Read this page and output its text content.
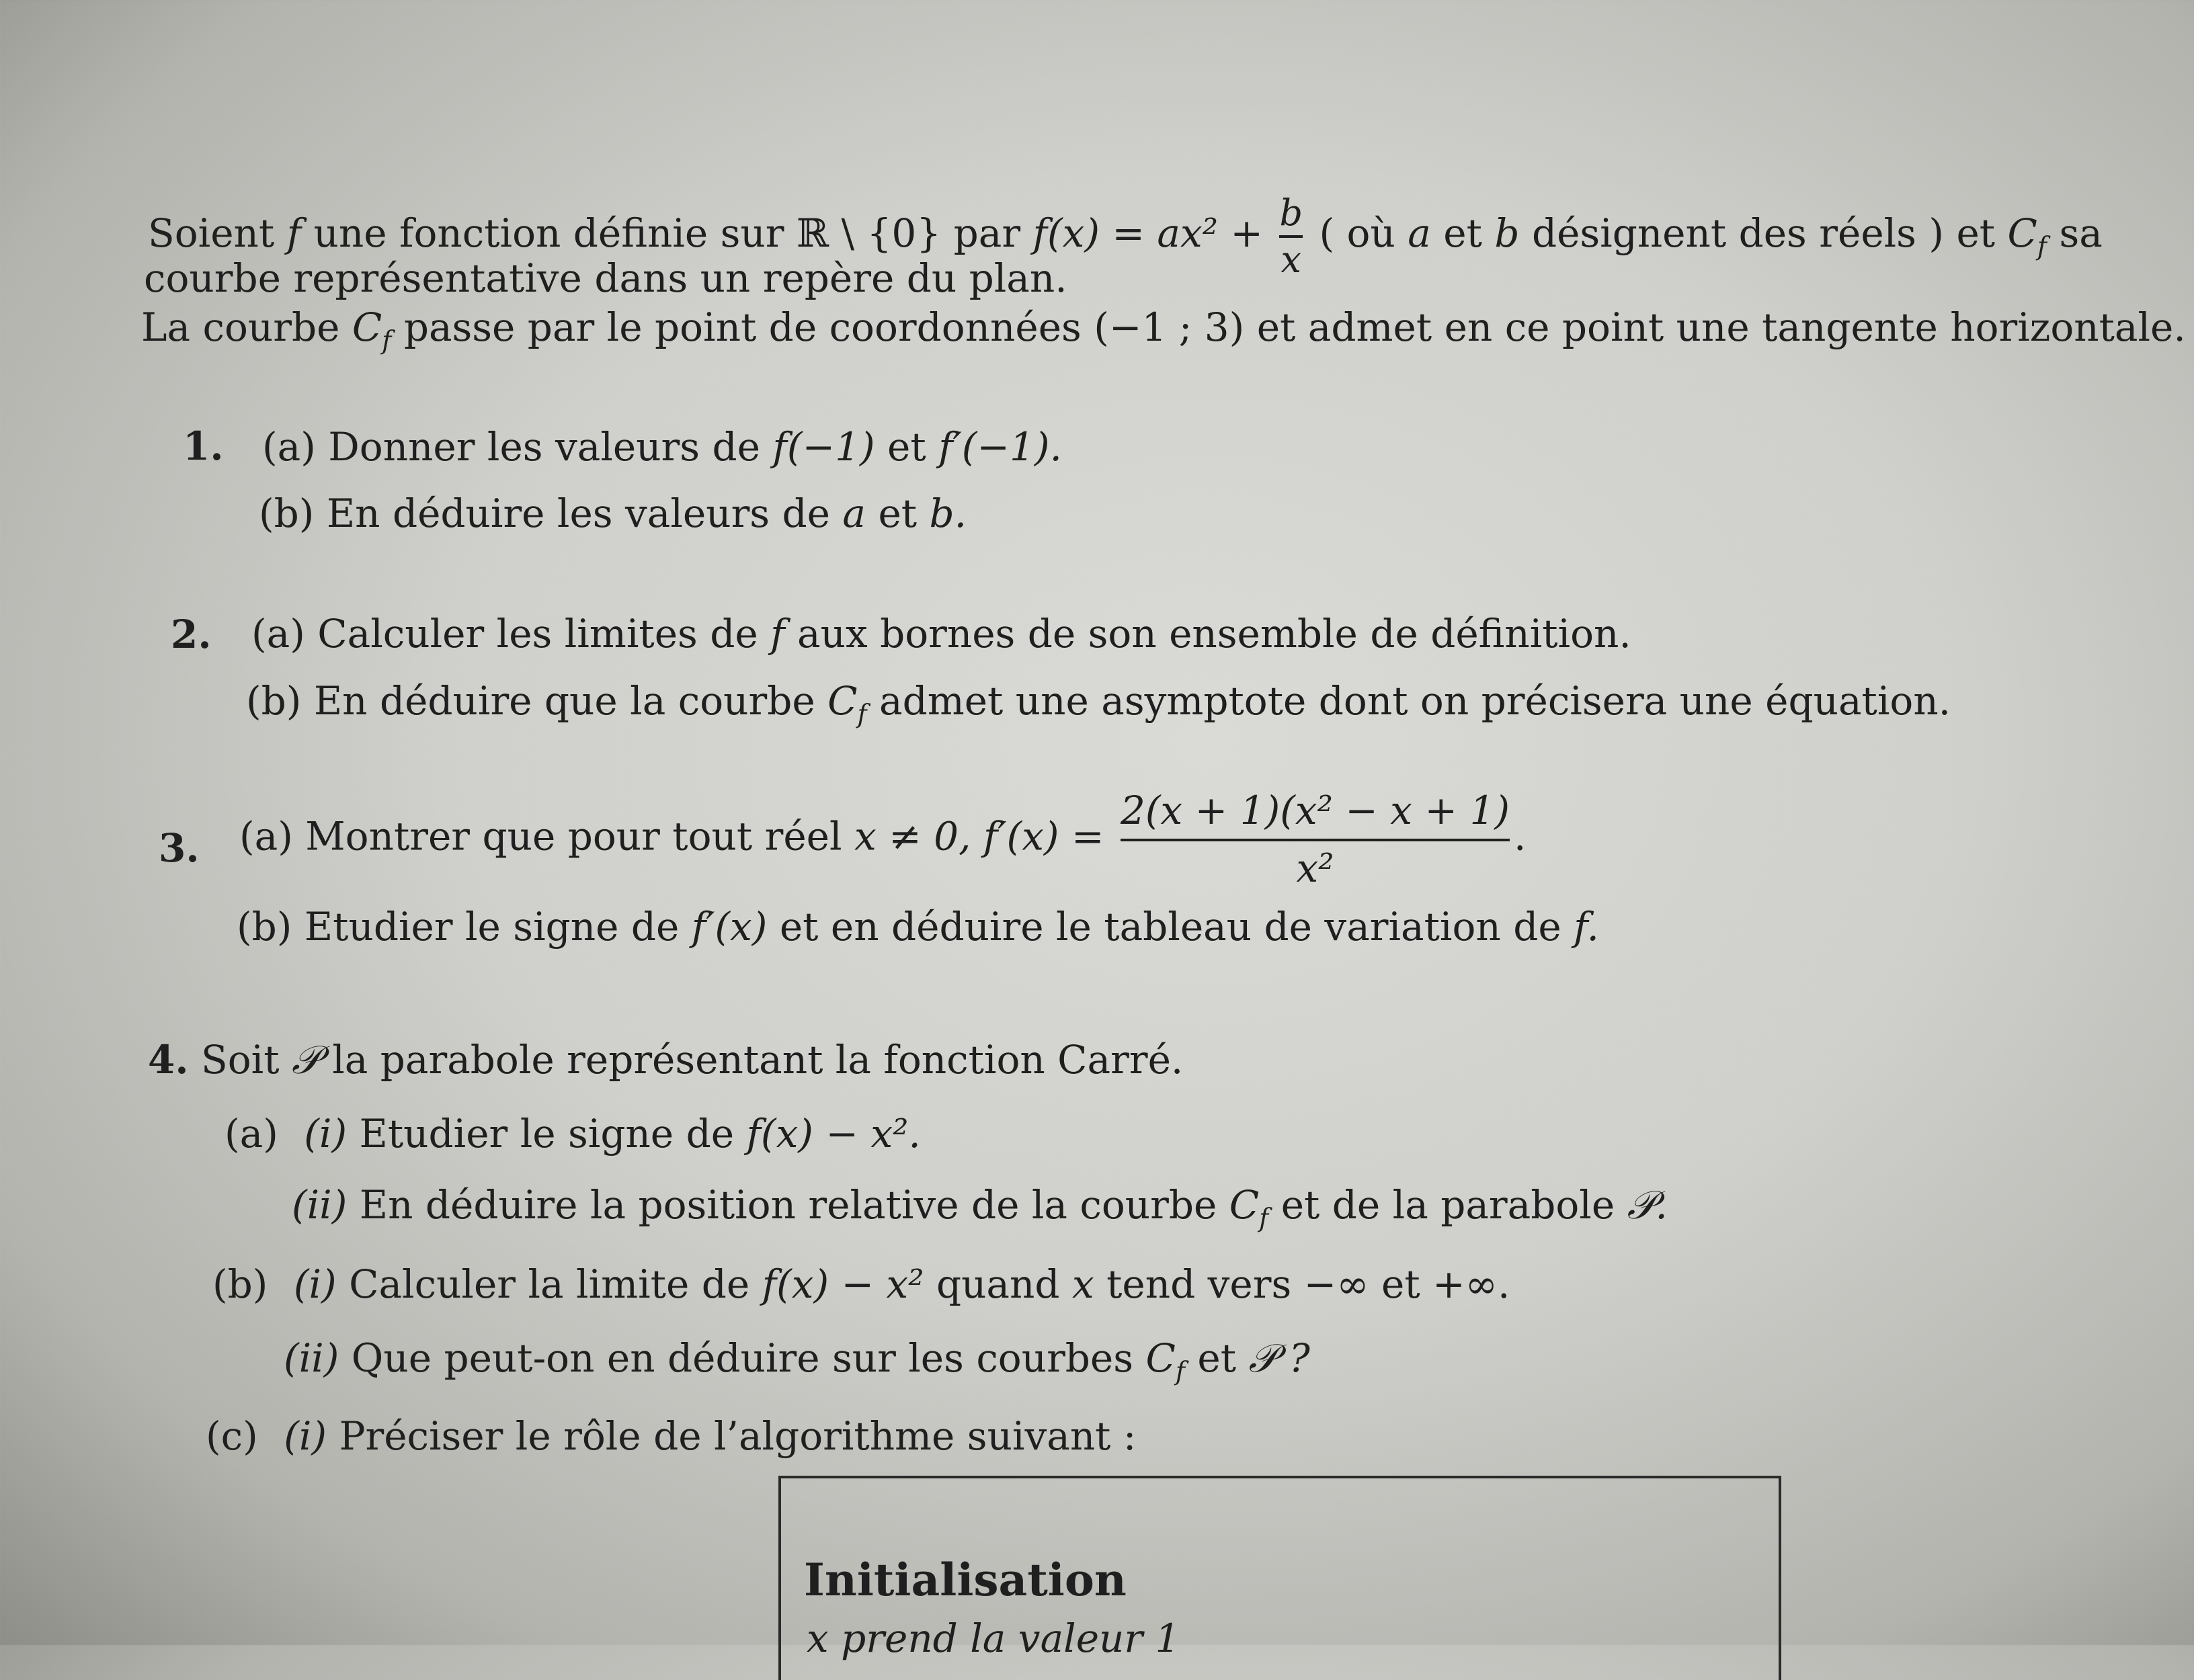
Soient f une fonction définie sur ℝ \ {0} par $f(x) = ax^2 + \frac{b}{x}$ ( où a et b désignent des réels ) et $C_f$ sa
courbe représentative dans un repère du plan.
La courbe $C_f$ passe par le point de coordonnées (−1 ; 3) et admet en ce point une tangente horizontale.
1. (a) Donner les valeurs de f(−1) et f′(−1).
(b) En déduire les valeurs de a et b.
2. (a) Calculer les limites de f aux bornes de son ensemble de définition.
(b) En déduire que la courbe $C_f$ admet une asymptote dont on précisera une équation.
3. (a) Montrer que pour tout réel x ≠ 0, $f'(x) = \frac{\text{2(x + 1)(x² − x + 1)}}{\text{x²}}$ .
(b) Etudier le signe de f′(x) et en déduire le tableau de variation de f.
4. Soit 𝒫 la parabole représentant la fonction Carré.
(a) (i) Etudier le signe de f(x) − x².
(ii) En déduire la position relative de la courbe $C_f$ et de la parabole 𝒫.
(b) (i) Calculer la limite de f(x) − x² quand x tend vers −∞ et +∞.
(ii) Que peut-on en déduire sur les courbes $C_f$ et 𝒫 ?
(c) (i) Préciser le rôle de l’algorithme suivant :
Initialisation
x prend la valeur 1
